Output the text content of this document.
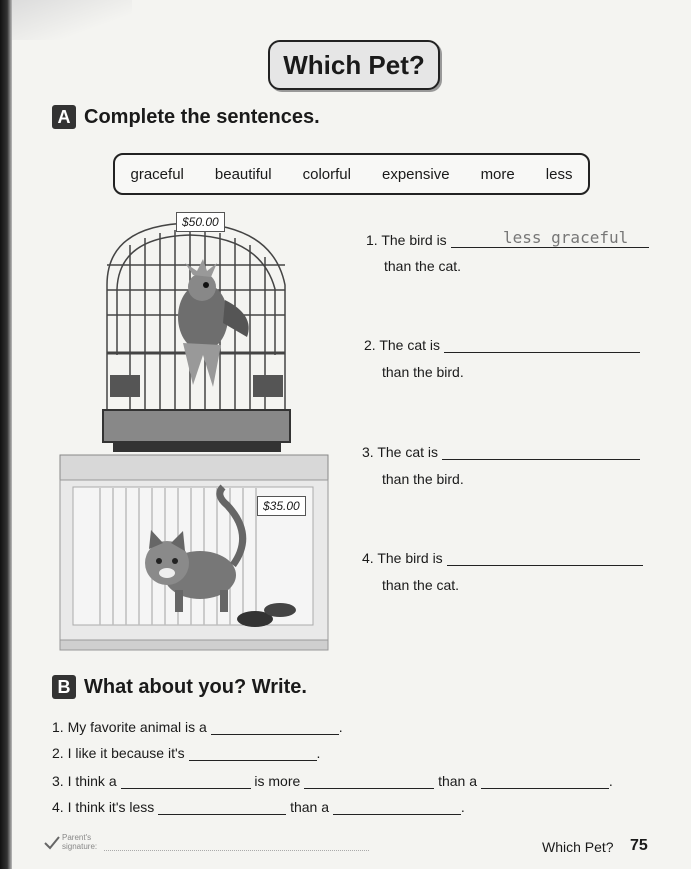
Which Pet?
A Complete the sentences.
graceful beautiful colorful expensive more less
$50.00
$35.00
1. The bird is	less graceful
than the cat.
2. The cat is
than the bird.
3. The cat is
than the bird.
4. The bird is
than the cat.
B What about you? Write.
1. My favorite animal is a	.
2. I like it because it's	.
3. I think a	is more	than a	.
4. I think it's less	than a	.
Parent's
signature:	Which Pet? 75
